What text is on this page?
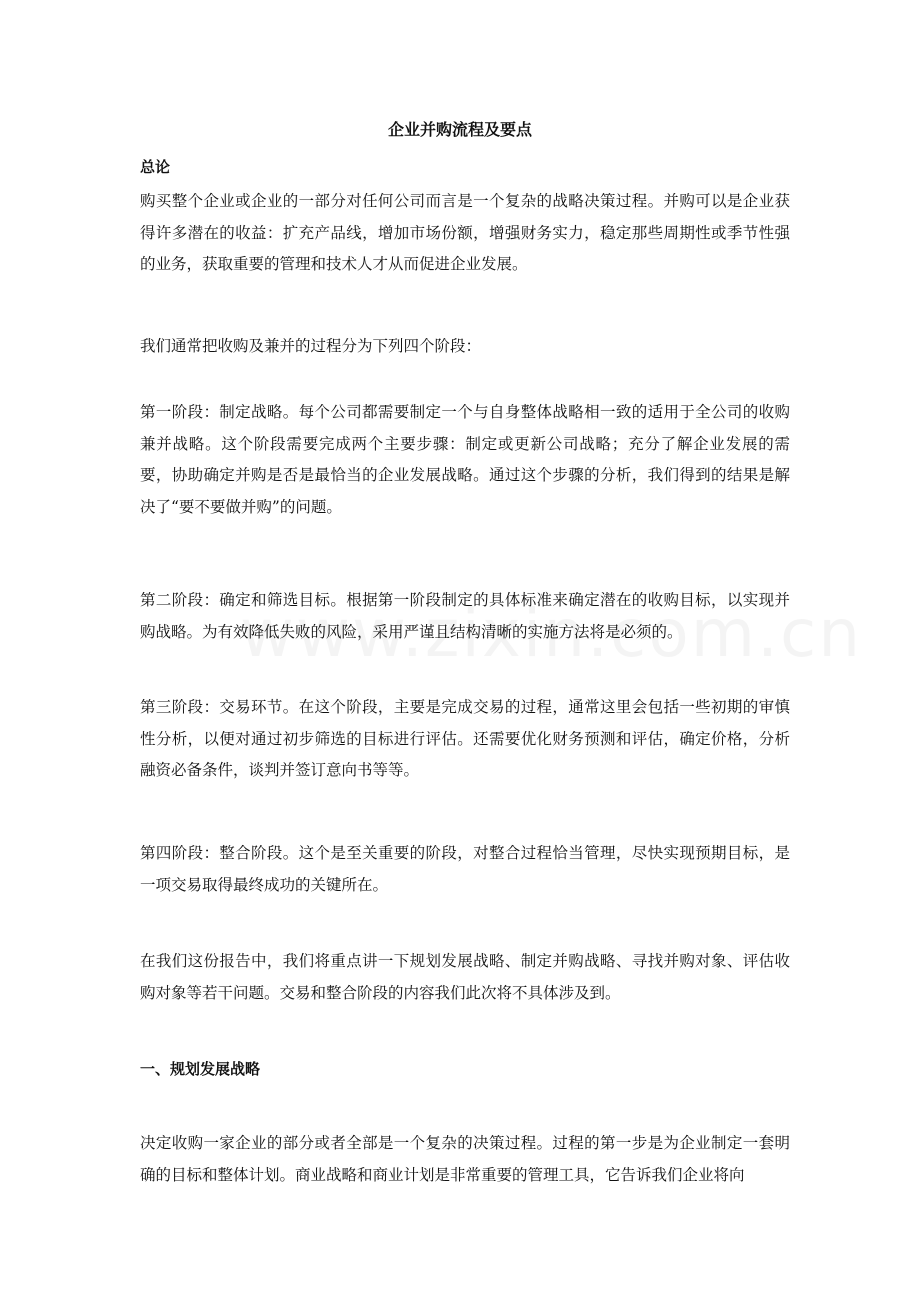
企业并购流程及要点
总论
购买整个企业或企业的一部分对任何公司而言是一个复杂的战略决策过程。并购可以是企业获得许多潜在的收益：扩充产品线，增加市场份额，增强财务实力，稳定那些周期性或季节性强的业务，获取重要的管理和技术人才从而促进企业发展。
我们通常把收购及兼并的过程分为下列四个阶段：
第一阶段：制定战略。每个公司都需要制定一个与自身整体战略相一致的适用于全公司的收购兼并战略。这个阶段需要完成两个主要步骤：制定或更新公司战略；充分了解企业发展的需要，协助确定并购是否是最恰当的企业发展战略。通过这个步骤的分析，我们得到的结果是解决了“要不要做并购”的问题。
第二阶段：确定和筛选目标。根据第一阶段制定的具体标准来确定潜在的收购目标，以实现并购战略。为有效降低失败的风险，采用严谨且结构清晰的实施方法将是必须的。
第三阶段：交易环节。在这个阶段，主要是完成交易的过程，通常这里会包括一些初期的审慎性分析，以便对通过初步筛选的目标进行评估。还需要优化财务预测和评估，确定价格，分析融资必备条件，谈判并签订意向书等等。
第四阶段：整合阶段。这个是至关重要的阶段，对整合过程恰当管理，尽快实现预期目标，是一项交易取得最终成功的关键所在。
在我们这份报告中，我们将重点讲一下规划发展战略、制定并购战略、寻找并购对象、评估收购对象等若干问题。交易和整合阶段的内容我们此次将不具体涉及到。
一、规划发展战略
决定收购一家企业的部分或者全部是一个复杂的决策过程。过程的第一步是为企业制定一套明确的目标和整体计划。商业战略和商业计划是非常重要的管理工具，它告诉我们企业将向
